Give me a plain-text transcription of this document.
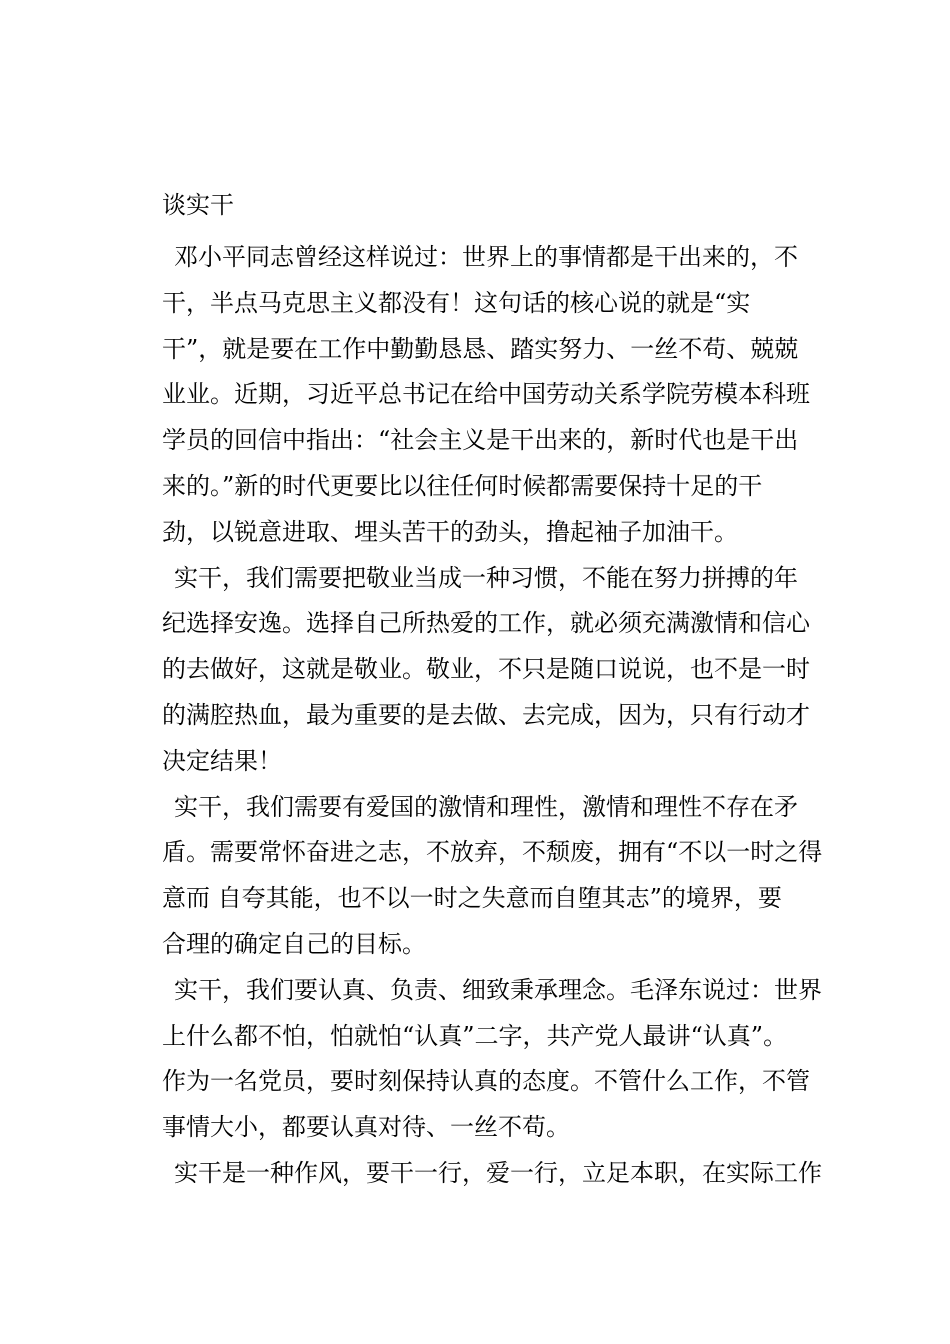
谈实干
邓小平同志曾经这样说过：世界上的事情都是干出来的，不
干，半点马克思主义都没有！这句话的核心说的就是“实
干”，就是要在工作中勤勤恳恳、踏实努力、一丝不苟、兢兢
业业。近期，习近平总书记在给中国劳动关系学院劳模本科班
学员的回信中指出：“社会主义是干出来的，新时代也是干出
来的。”新的时代更要比以往任何时候都需要保持十足的干
劲，以锐意进取、埋头苦干的劲头，撸起袖子加油干。
实干，我们需要把敬业当成一种习惯，不能在努力拼搏的年
纪选择安逸。选择自己所热爱的工作，就必须充满激情和信心
的去做好，这就是敬业。敬业，不只是随口说说，也不是一时
的满腔热血，最为重要的是去做、去完成，因为，只有行动才
决定结果！
实干，我们需要有爱国的激情和理性，激情和理性不存在矛
盾。需要常怀奋进之志，不放弃，不颓废，拥有“不以一时之得
意而 自夸其能，也不以一时之失意而自堕其志”的境界，要
合理的确定自己的目标。
实干，我们要认真、负责、细致秉承理念。毛泽东说过：世界
上什么都不怕，怕就怕“认真”二字，共产党人最讲“认真”。
作为一名党员，要时刻保持认真的态度。不管什么工作，不管
事情大小，都要认真对待、一丝不苟。
实干是一种作风，要干一行，爱一行，立足本职，在实际工作
